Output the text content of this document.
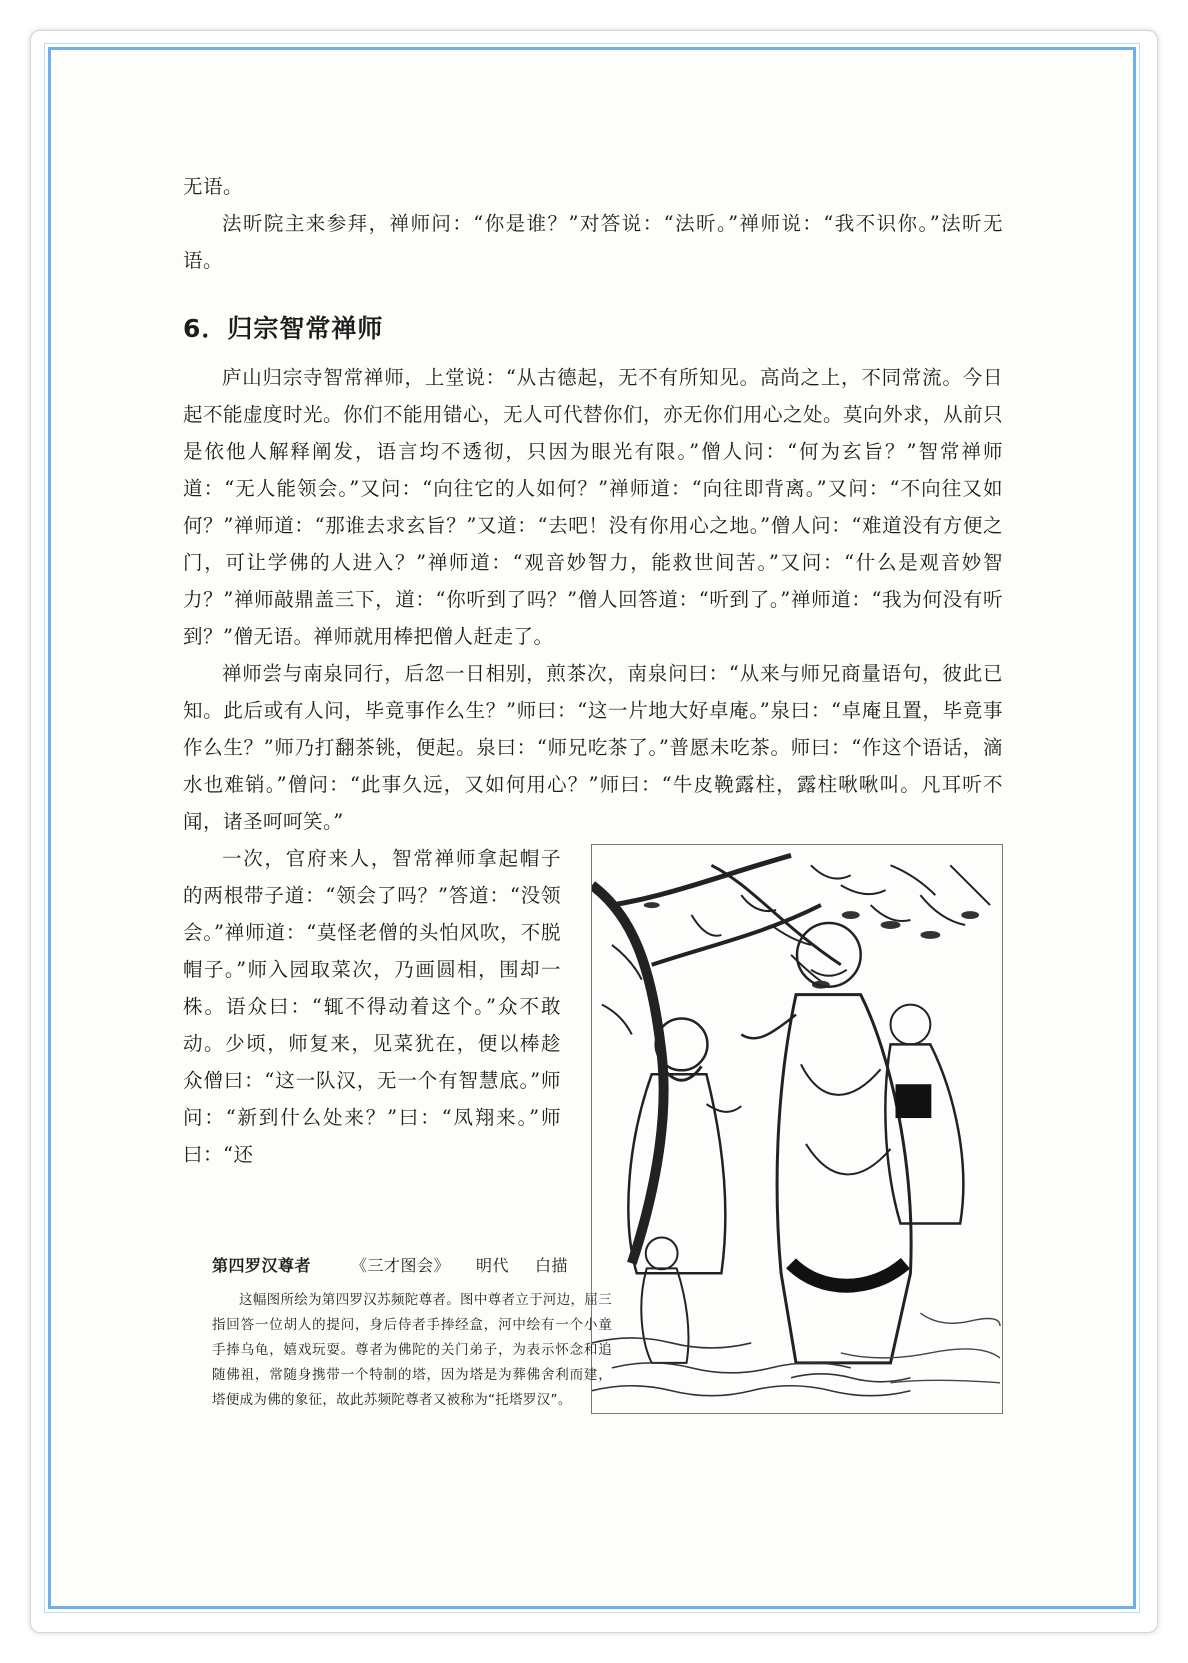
无语。

法昕院主来参拜，禅师问：“你是谁？”对答说：“法昕。”禅师说：“我不识你。”法昕无语。

6．归宗智常禅师

庐山归宗寺智常禅师，上堂说：“从古德起，无不有所知见。高尚之上，不同常流。今日起不能虚度时光。你们不能用错心，无人可代替你们，亦无你们用心之处。莫向外求，从前只是依他人解释阐发，语言均不透彻，只因为眼光有限。”僧人问：“何为玄旨？”智常禅师道：“无人能领会。”又问：“向往它的人如何？”禅师道：“向往即背离。”又问：“不向往又如何？”禅师道：“那谁去求玄旨？”又道：“去吧！没有你用心之地。”僧人问：“难道没有方便之门，可让学佛的人进入？”禅师道：“观音妙智力，能救世间苦。”又问：“什么是观音妙智力？”禅师敲鼎盖三下，道：“你听到了吗？”僧人回答道：“听到了。”禅师道：“我为何没有听到？”僧无语。禅师就用棒把僧人赶走了。

禅师尝与南泉同行，后忽一日相别，煎茶次，南泉问曰：“从来与师兄商量语句，彼此已知。此后或有人问，毕竟事作么生？”师曰：“这一片地大好卓庵。”泉曰：“卓庵且置，毕竟事作么生？”师乃打翻茶铫，便起。泉曰：“师兄吃茶了。”普愿未吃茶。师曰：“作这个语话，滴水也难销。”僧问：“此事久远，又如何用心？”师曰：“牛皮鞔露柱，露柱啾啾叫。凡耳听不闻，诸圣呵呵笑。”

一次，官府来人，智常禅师拿起帽子的两根带子道：“领会了吗？”答道：“没领会。”禅师道：“莫怪老僧的头怕风吹，不脱帽子。”师入园取菜次，乃画圆相，围却一株。语众曰：“辄不得动着这个。”众不敢动。少顷，师复来，见菜犹在，便以棒趁众僧曰：“这一队汉，无一个有智慧底。”师问：“新到什么处来？”曰：“凤翔来。”师曰：“还

第四罗汉尊者	《三才图会》 明代 白描

这幅图所绘为第四罗汉苏频陀尊者。图中尊者立于河边，屈三指回答一位胡人的提问，身后侍者手捧经盒，河中绘有一个小童手捧乌龟，嬉戏玩耍。尊者为佛陀的关门弟子，为表示怀念和追随佛祖，常随身携带一个特制的塔，因为塔是为葬佛舍利而建，塔便成为佛的象征，故此苏频陀尊者又被称为“托塔罗汉”。
